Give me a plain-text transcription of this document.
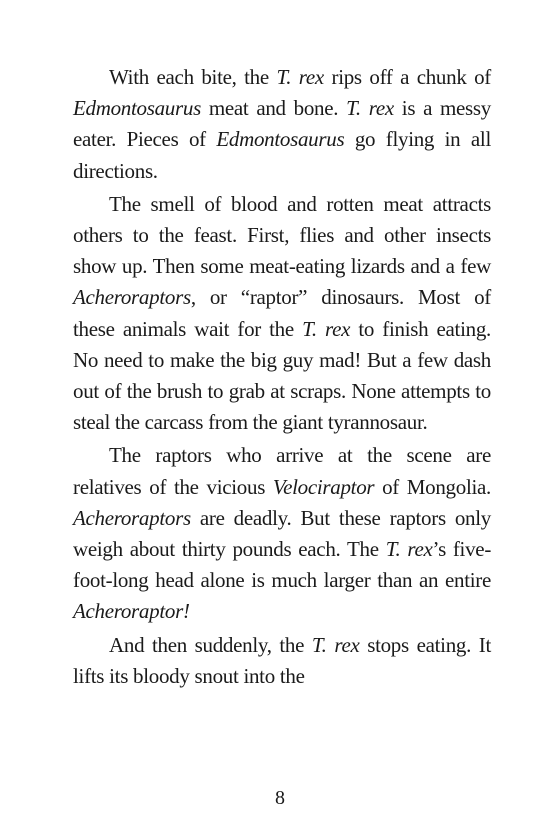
With each bite, the T. rex rips off a chunk of Edmontosaurus meat and bone. T. rex is a messy eater. Pieces of Edmontosaurus go flying in all directions.

The smell of blood and rotten meat attracts others to the feast. First, flies and other insects show up. Then some meat-eating lizards and a few Acheroraptors, or “raptor” dinosaurs. Most of these animals wait for the T. rex to finish eating. No need to make the big guy mad! But a few dash out of the brush to grab at scraps. None attempts to steal the carcass from the giant tyrannosaur.

The raptors who arrive at the scene are relatives of the vicious Velociraptor of Mongolia. Acheroraptors are deadly. But these raptors only weigh about thirty pounds each. The T. rex’s five-foot-long head alone is much larger than an entire Acheroraptor!

And then suddenly, the T. rex stops eating. It lifts its bloody snout into the

8
